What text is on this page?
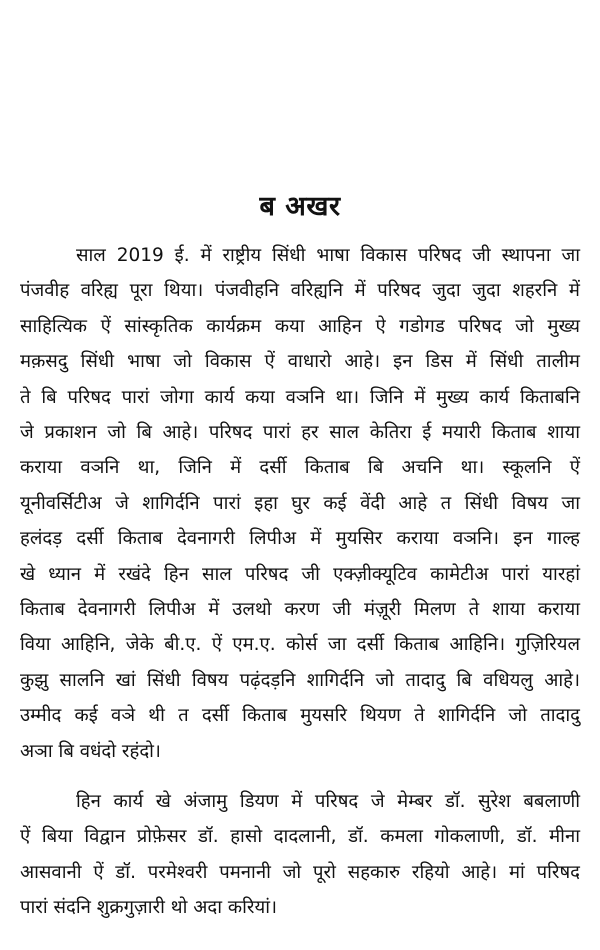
ब अखर
साल 2019 ई. में राष्ट्रीय सिंधी भाषा विकास परिषद जी स्थापना जा
पंजवीह वरिह्य पूरा थिया। पंजवीहनि वरिह्यनि में परिषद जुदा जुदा शहरनि में
साहित्यिक ऐं सांस्कृतिक कार्यक्रम कया आहिन ऐ गडोगड परिषद जो मुख्य
मक़सदु सिंधी भाषा जो विकास ऐं वाधारो आहे। इन डिस में सिंधी तालीम
ते बि परिषद पारां जोगा कार्य कया वञनि था। जिनि में मुख्य कार्य किताबनि
जे प्रकाशन जो बि आहे। परिषद पारां हर साल केतिरा ई मयारी किताब शाया
कराया वञनि था, जिनि में दर्सी किताब बि अचनि था। स्कूलनि ऐं
यूनीवर्सिटीअ जे शागिर्दनि पारां इहा घुर कई वेंदी आहे त सिंधी विषय जा
हलंदड़ दर्सी किताब देवनागरी लिपीअ में मुयसिर कराया वञनि। इन गाल्ह
खे ध्यान में रखंदे हिन साल परिषद जी एक्ज़ीक्यूटिव कामेटीअ पारां यारहां
किताब देवनागरी लिपीअ में उलथो करण जी मंज़ूरी मिलण ते शाया कराया
विया आहिनि, जेके बी.ए. ऐं एम.ए. कोर्स जा दर्सी किताब आहिनि। गुज़िरियल
कुझु सालनि खां सिंधी विषय पढ़ंदड़नि शागिर्दनि जो तादादु बि वधियलु आहे।
उम्मीद कई वञे थी त दर्सी किताब मुयसरि थियण ते शागिर्दनि जो तादादु
अञा बि वधंदो रहंदो।
हिन कार्य खे अंजामु डियण में परिषद जे मेम्बर डॉ. सुरेश बबलाणी
ऐं बिया विद्वान प्रोफ़ेसर डॉ. हासो दादलानी, डॉ. कमला गोकलाणी, डॉ. मीना
आसवानी ऐं डॉ. परमेश्वरी पमनानी जो पूरो सहकारु रहियो आहे। मां परिषद
पारां संदनि शुक्रगुज़ारी थो अदा करियां।
